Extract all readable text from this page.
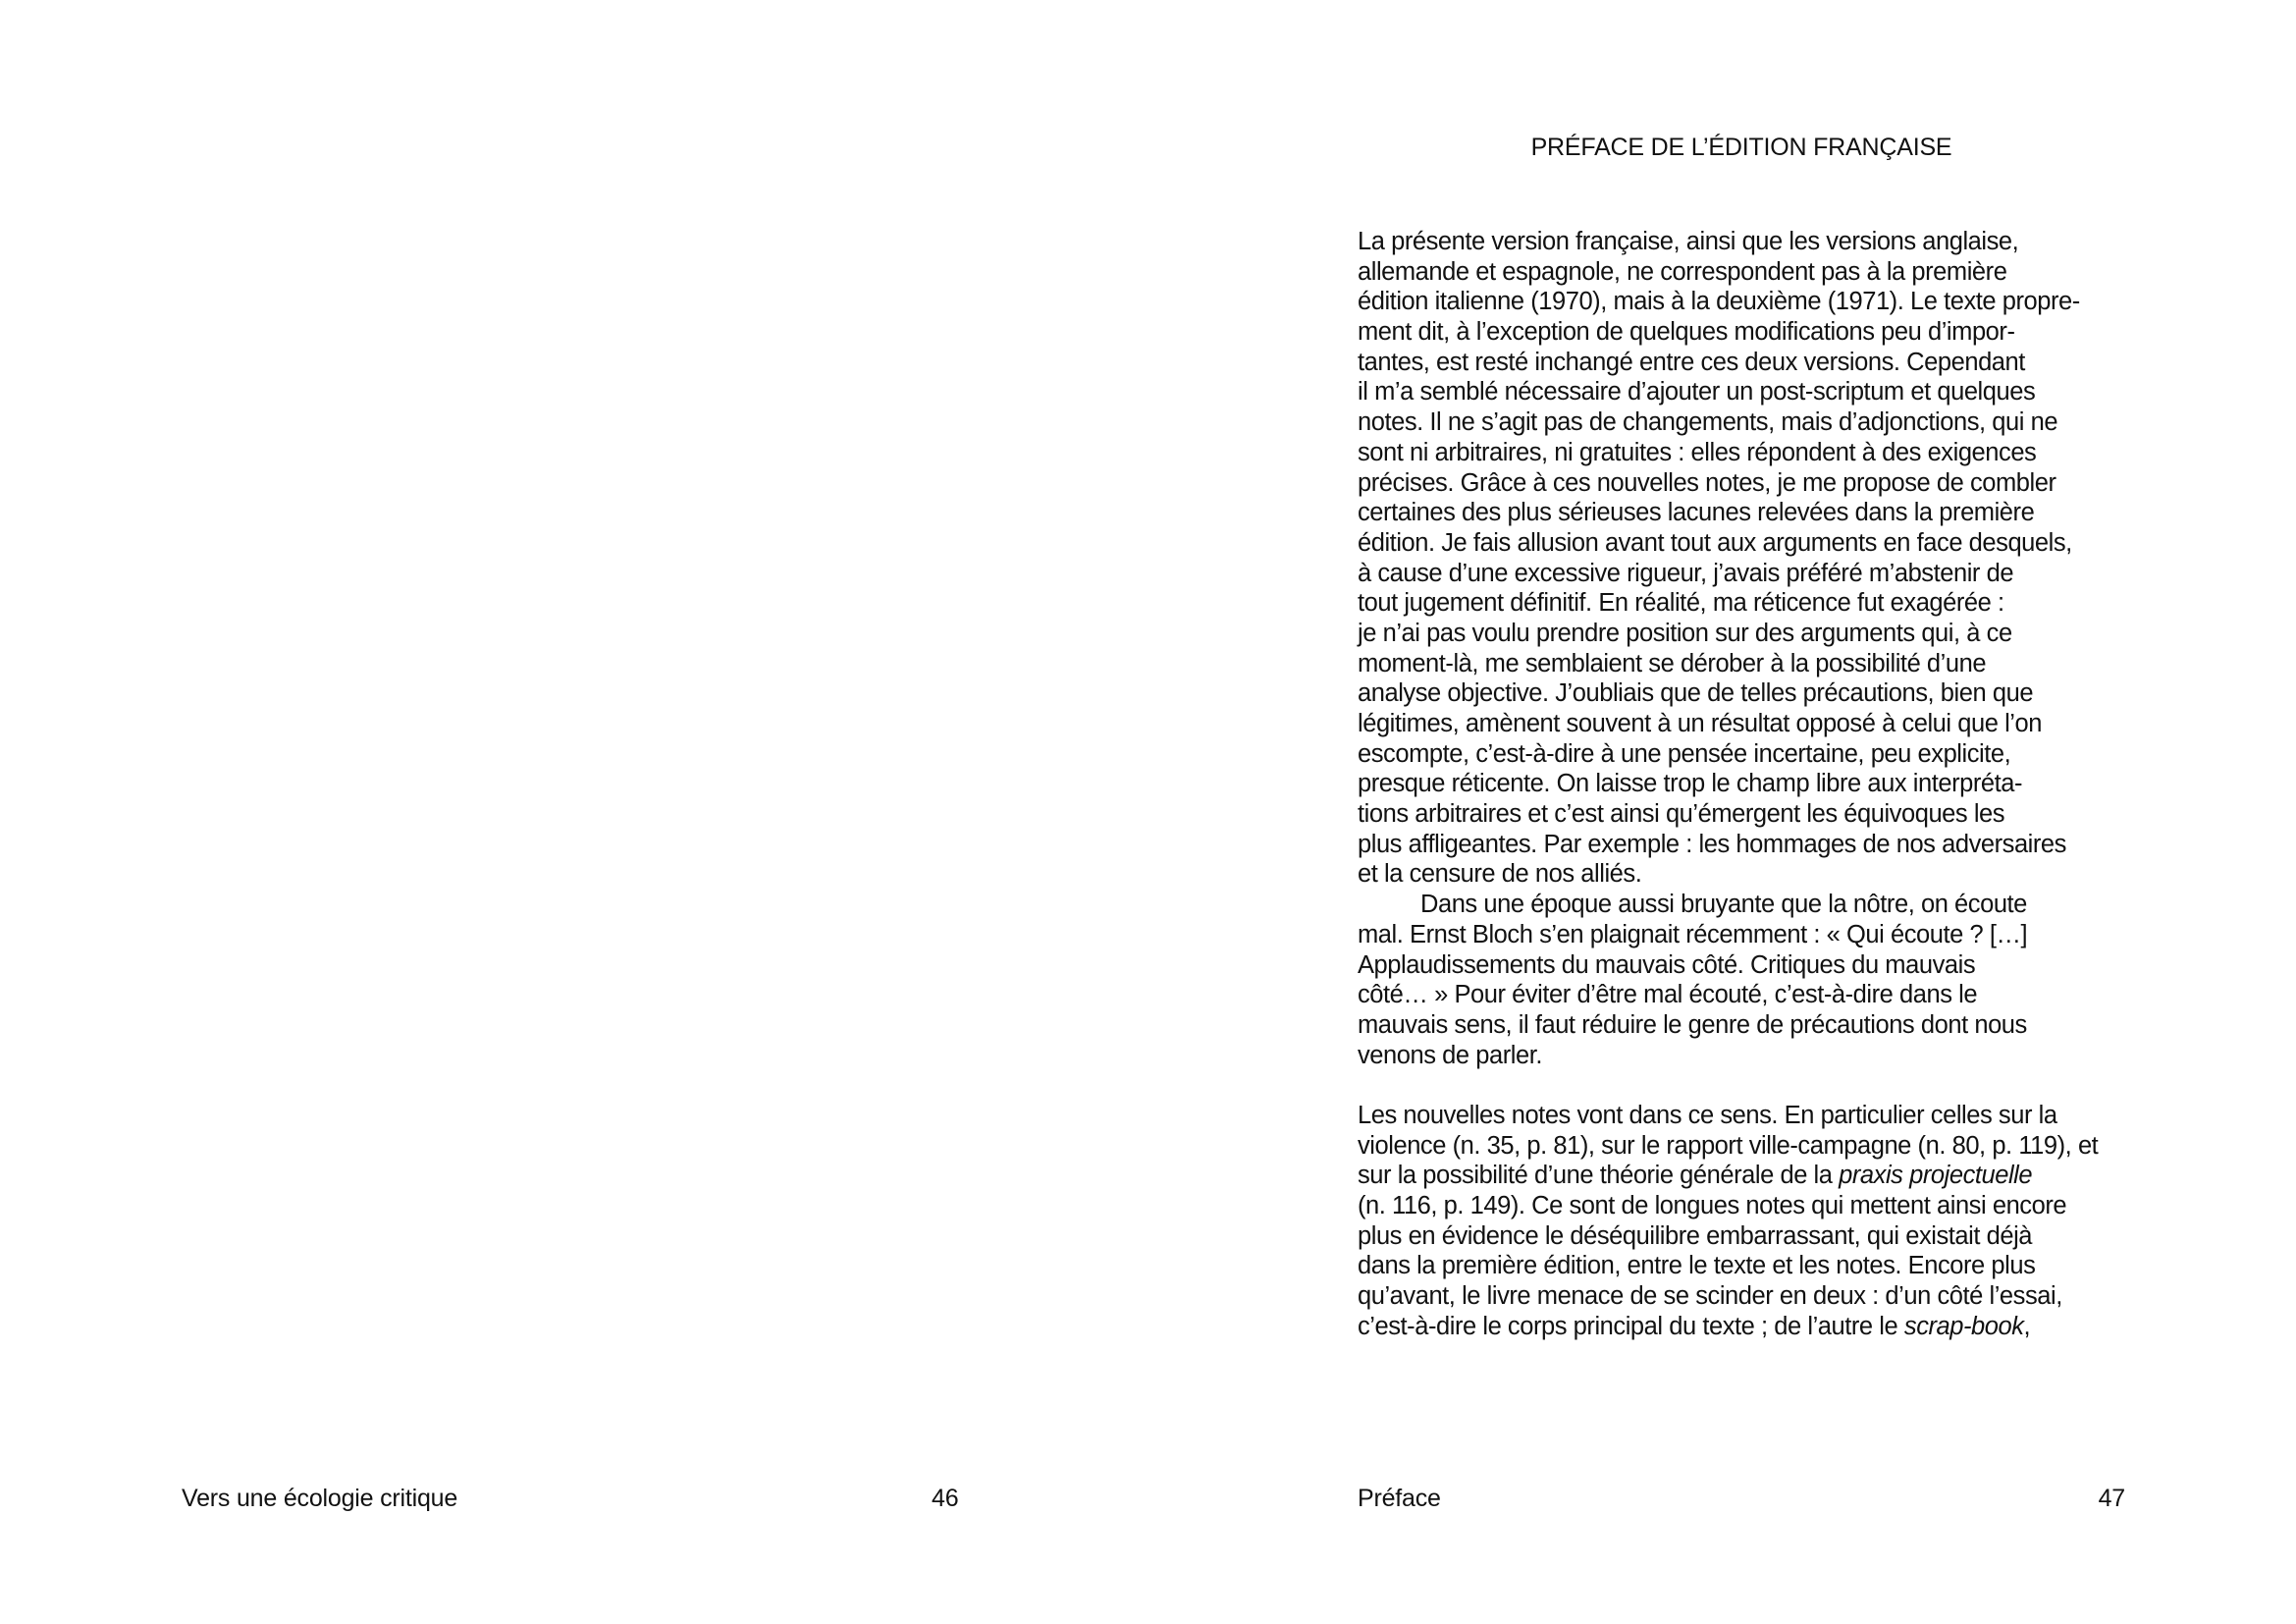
PRÉFACE DE L’ÉDITION FRANÇAISE
La présente version française, ainsi que les versions anglaise,
allemande et espagnole, ne correspondent pas à la première
édition italienne (1970), mais à la deuxième (1971). Le texte propre-
ment dit, à l’exception de quelques modifications peu d’impor-
tantes, est resté inchangé entre ces deux versions. Cependant
il m’a semblé nécessaire d’ajouter un post-scriptum et quelques
notes. Il ne s’agit pas de changements, mais d’adjonctions, qui ne
sont ni arbitraires, ni gratuites : elles répondent à des exigences
précises. Grâce à ces nouvelles notes, je me propose de combler
certaines des plus sérieuses lacunes relevées dans la première
édition. Je fais allusion avant tout aux arguments en face desquels,
à cause d’une excessive rigueur, j’avais préféré m’abstenir de
tout jugement définitif. En réalité, ma réticence fut exagérée :
je n’ai pas voulu prendre position sur des arguments qui, à ce
moment-là, me semblaient se dérober à la possibilité d’une
analyse objective. J’oubliais que de telles précautions, bien que
légitimes, amènent souvent à un résultat opposé à celui que l’on
escompte, c’est-à-dire à une pensée incertaine, peu explicite,
presque réticente. On laisse trop le champ libre aux interpréta-
tions arbitraires et c’est ainsi qu’émergent les équivoques les
plus affligeantes. Par exemple : les hommages de nos adversaires
et la censure de nos alliés.
Dans une époque aussi bruyante que la nôtre, on écoute
mal. Ernst Bloch s’en plaignait récemment : « Qui écoute ? […]
Applaudissements du mauvais côté. Critiques du mauvais
côté… » Pour éviter d’être mal écouté, c’est-à-dire dans le
mauvais sens, il faut réduire le genre de précautions dont nous
venons de parler.
Les nouvelles notes vont dans ce sens. En particulier celles sur la
violence (n. 35, p. 81), sur le rapport ville-campagne (n. 80, p. 119), et
sur la possibilité d’une théorie générale de la praxis projectuelle
(n. 116, p. 149). Ce sont de longues notes qui mettent ainsi encore
plus en évidence le déséquilibre embarrassant, qui existait déjà
dans la première édition, entre le texte et les notes. Encore plus
qu’avant, le livre menace de se scinder en deux : d’un côté l’essai,
c’est-à-dire le corps principal du texte ; de l’autre le scrap-book,
Vers une écologie critique	46	Préface	47
